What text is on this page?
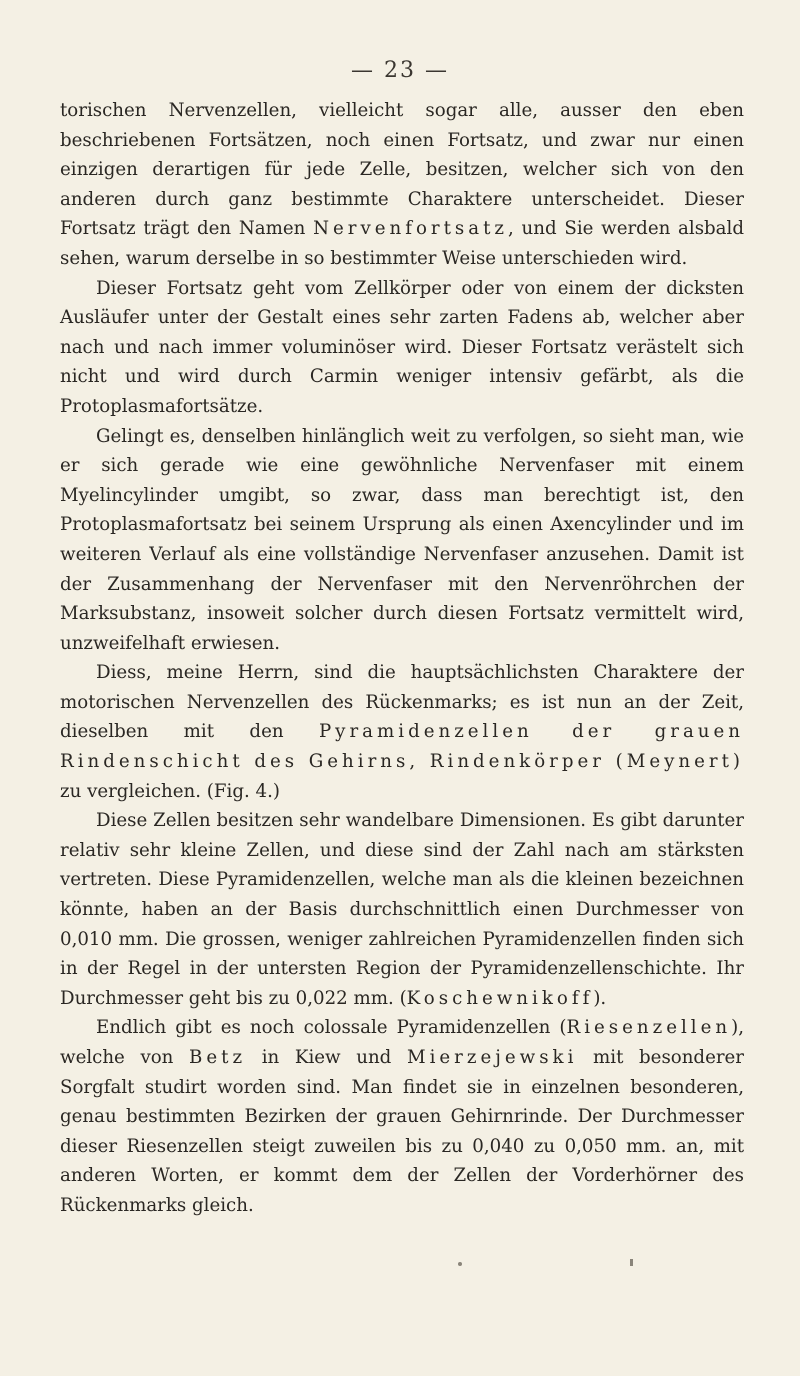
— 23 —

torischen Nervenzellen, vielleicht sogar alle, ausser den eben beschriebenen Fortsätzen, noch einen Fortsatz, und zwar nur einen einzigen derartigen für jede Zelle, besitzen, welcher sich von den anderen durch ganz bestimmte Charaktere unterscheidet. Dieser Fortsatz trägt den Namen Nervenfortsatz, und Sie werden alsbald sehen, warum derselbe in so bestimmter Weise unterschieden wird.

Dieser Fortsatz geht vom Zellkörper oder von einem der dicksten Ausläufer unter der Gestalt eines sehr zarten Fadens ab, welcher aber nach und nach immer voluminöser wird. Dieser Fortsatz verästelt sich nicht und wird durch Carmin weniger intensiv gefärbt, als die Protoplasmafortsätze.

Gelingt es, denselben hinlänglich weit zu verfolgen, so sieht man, wie er sich gerade wie eine gewöhnliche Nervenfaser mit einem Myelincylinder umgibt, so zwar, dass man berechtigt ist, den Protoplasmafortsatz bei seinem Ursprung als einen Axencylinder und im weiteren Verlauf als eine vollständige Nervenfaser anzusehen. Damit ist der Zusammenhang der Nervenfaser mit den Nervenröhrchen der Marksubstanz, insoweit solcher durch diesen Fortsatz vermittelt wird, unzweifelhaft erwiesen.

Diess, meine Herrn, sind die hauptsächlichsten Charaktere der motorischen Nervenzellen des Rückenmarks; es ist nun an der Zeit, dieselben mit den Pyramidenzellen der grauen Rindenschicht des Gehirns, Rindenkörper (Meynert) zu vergleichen. (Fig. 4.)

Diese Zellen besitzen sehr wandelbare Dimensionen. Es gibt darunter relativ sehr kleine Zellen, und diese sind der Zahl nach am stärksten vertreten. Diese Pyramidenzellen, welche man als die kleinen bezeichnen könnte, haben an der Basis durchschnittlich einen Durchmesser von 0,010 mm. Die grossen, weniger zahlreichen Pyramidenzellen finden sich in der Regel in der untersten Region der Pyramidenzellenschichte. Ihr Durchmesser geht bis zu 0,022 mm. (Koschewnikoff).

Endlich gibt es noch colossale Pyramidenzellen (Riesenzellen), welche von Betz in Kiew und Mierzejewski mit besonderer Sorgfalt studirt worden sind. Man findet sie in einzelnen besonderen, genau bestimmten Bezirken der grauen Gehirnrinde. Der Durchmesser dieser Riesenzellen steigt zuweilen bis zu 0,040 zu 0,050 mm. an, mit anderen Worten, er kommt dem der Zellen der Vorderhörner des Rückenmarks gleich.
